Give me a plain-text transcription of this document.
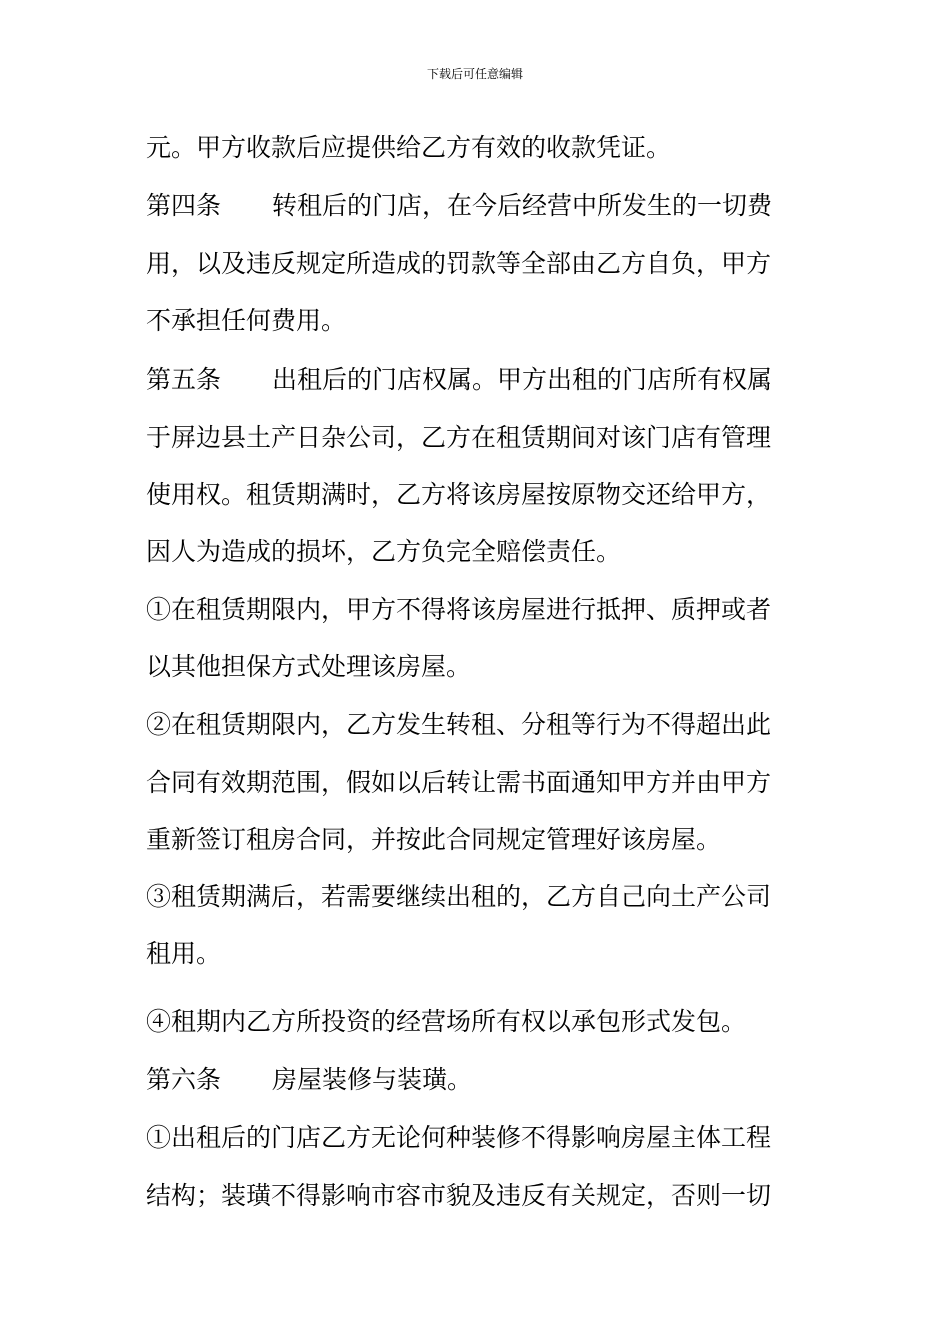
下载后可任意编辑
元。甲方收款后应提供给乙方有效的收款凭证。
第四条 转租后的门店，在今后经营中所发生的一切费
用，以及违反规定所造成的罚款等全部由乙方自负，甲方
不承担任何费用。
第五条 出租后的门店权属。甲方出租的门店所有权属
于屏边县土产日杂公司，乙方在租赁期间对该门店有管理
使用权。租赁期满时，乙方将该房屋按原物交还给甲方，
因人为造成的损坏，乙方负完全赔偿责任。
①在租赁期限内，甲方不得将该房屋进行抵押、质押或者
以其他担保方式处理该房屋。
②在租赁期限内，乙方发生转租、分租等行为不得超出此
合同有效期范围，假如以后转让需书面通知甲方并由甲方
重新签订租房合同，并按此合同规定管理好该房屋。
③租赁期满后，若需要继续出租的，乙方自己向土产公司
租用。
④租期内乙方所投资的经营场所有权以承包形式发包。
第六条 房屋装修与装璜。
①出租后的门店乙方无论何种装修不得影响房屋主体工程
结构；装璜不得影响市容市貌及违反有关规定，否则一切
